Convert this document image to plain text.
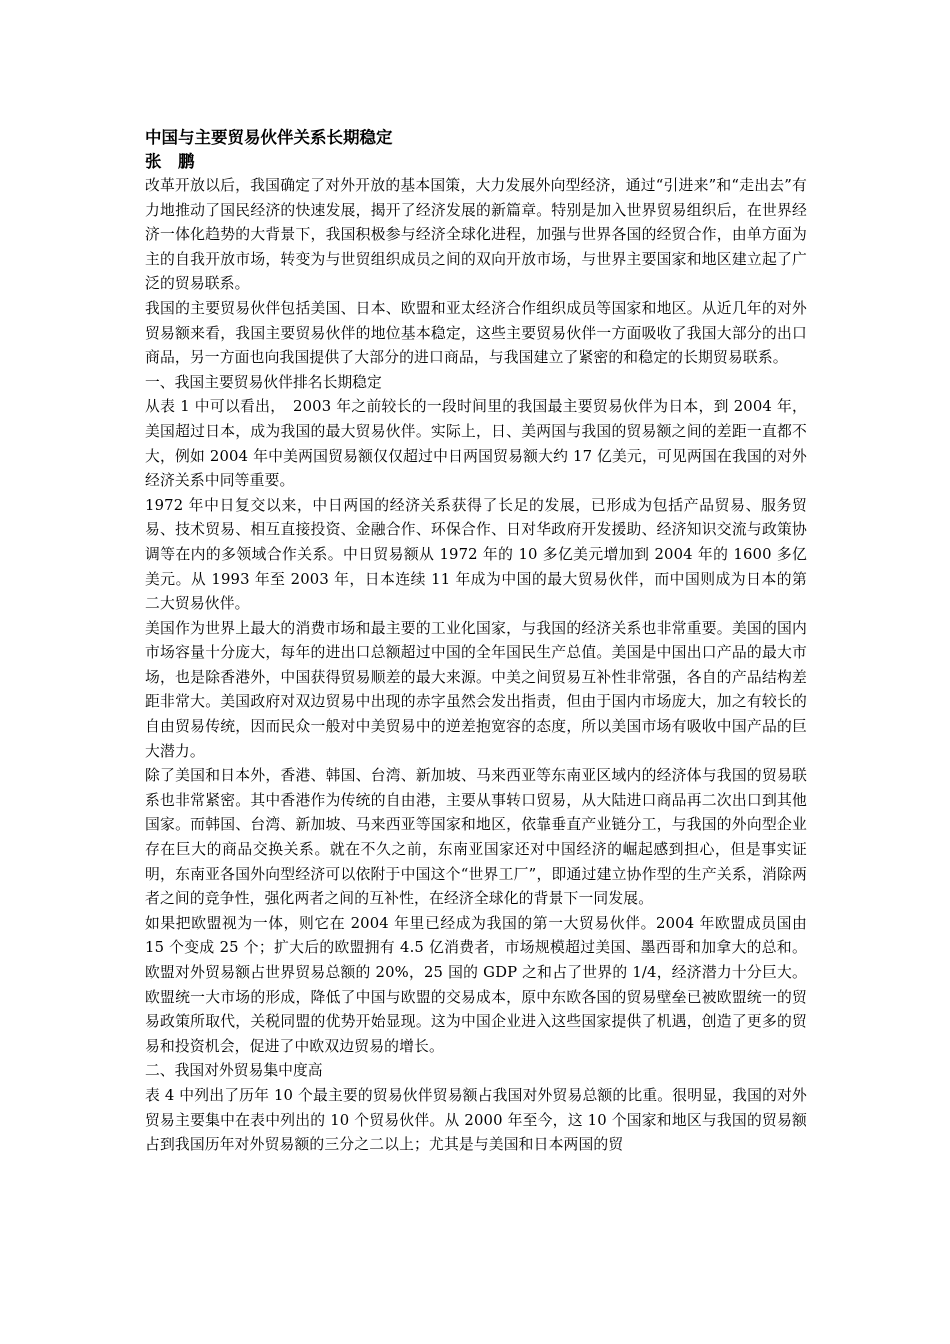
中国与主要贸易伙伴关系长期稳定
张　鹏

改革开放以后，我国确定了对外开放的基本国策，大力发展外向型经济，通过“引进来”和“走出去”有力地推动了国民经济的快速发展，揭开了经济发展的新篇章。特别是加入世界贸易组织后，在世界经济一体化趋势的大背景下，我国积极参与经济全球化进程，加强与世界各国的经贸合作，由单方面为主的自我开放市场，转变为与世贸组织成员之间的双向开放市场，与世界主要国家和地区建立起了广泛的贸易联系。

我国的主要贸易伙伴包括美国、日本、欧盟和亚太经济合作组织成员等国家和地区。从近几年的对外贸易额来看，我国主要贸易伙伴的地位基本稳定，这些主要贸易伙伴一方面吸收了我国大部分的出口商品，另一方面也向我国提供了大部分的进口商品，与我国建立了紧密的和稳定的长期贸易联系。

一、我国主要贸易伙伴排名长期稳定

从表 1 中可以看出，　2003 年之前较长的一段时间里的我国最主要贸易伙伴为日本，到 2004 年，美国超过日本，成为我国的最大贸易伙伴。实际上，日、美两国与我国的贸易额之间的差距一直都不大，例如 2004 年中美两国贸易额仅仅超过中日两国贸易额大约 17 亿美元，可见两国在我国的对外经济关系中同等重要。

1972 年中日复交以来，中日两国的经济关系获得了长足的发展，已形成为包括产品贸易、服务贸易、技术贸易、相互直接投资、金融合作、环保合作、日对华政府开发援助、经济知识交流与政策协调等在内的多领域合作关系。中日贸易额从 1972 年的 10 多亿美元增加到 2004 年的 1600 多亿美元。从 1993 年至 2003 年，日本连续 11 年成为中国的最大贸易伙伴，而中国则成为日本的第二大贸易伙伴。

美国作为世界上最大的消费市场和最主要的工业化国家，与我国的经济关系也非常重要。美国的国内市场容量十分庞大，每年的进出口总额超过中国的全年国民生产总值。美国是中国出口产品的最大市场，也是除香港外，中国获得贸易顺差的最大来源。中美之间贸易互补性非常强，各自的产品结构差距非常大。美国政府对双边贸易中出现的赤字虽然会发出指责，但由于国内市场庞大，加之有较长的自由贸易传统，因而民众一般对中美贸易中的逆差抱宽容的态度，所以美国市场有吸收中国产品的巨大潜力。

除了美国和日本外，香港、韩国、台湾、新加坡、马来西亚等东南亚区域内的经济体与我国的贸易联系也非常紧密。其中香港作为传统的自由港，主要从事转口贸易，从大陆进口商品再二次出口到其他国家。而韩国、台湾、新加坡、马来西亚等国家和地区，依靠垂直产业链分工，与我国的外向型企业存在巨大的商品交换关系。就在不久之前，东南亚国家还对中国经济的崛起感到担心，但是事实证明，东南亚各国外向型经济可以依附于中国这个“世界工厂”，即通过建立协作型的生产关系，消除两者之间的竞争性，强化两者之间的互补性，在经济全球化的背景下一同发展。

如果把欧盟视为一体，则它在 2004 年里已经成为我国的第一大贸易伙伴。2004 年欧盟成员国由 15 个变成 25 个；扩大后的欧盟拥有 4.5 亿消费者，市场规模超过美国、墨西哥和加拿大的总和。欧盟对外贸易额占世界贸易总额的 20%，25 国的 GDP 之和占了世界的 1/4，经济潜力十分巨大。欧盟统一大市场的形成，降低了中国与欧盟的交易成本，原中东欧各国的贸易壁垒已被欧盟统一的贸易政策所取代，关税同盟的优势开始显现。这为中国企业进入这些国家提供了机遇，创造了更多的贸易和投资机会，促进了中欧双边贸易的增长。

二、我国对外贸易集中度高

表 4 中列出了历年 10 个最主要的贸易伙伴贸易额占我国对外贸易总额的比重。很明显，我国的对外贸易主要集中在表中列出的 10 个贸易伙伴。从 2000 年至今，这 10 个国家和地区与我国的贸易额占到我国历年对外贸易额的三分之二以上；尤其是与美国和日本两国的贸
